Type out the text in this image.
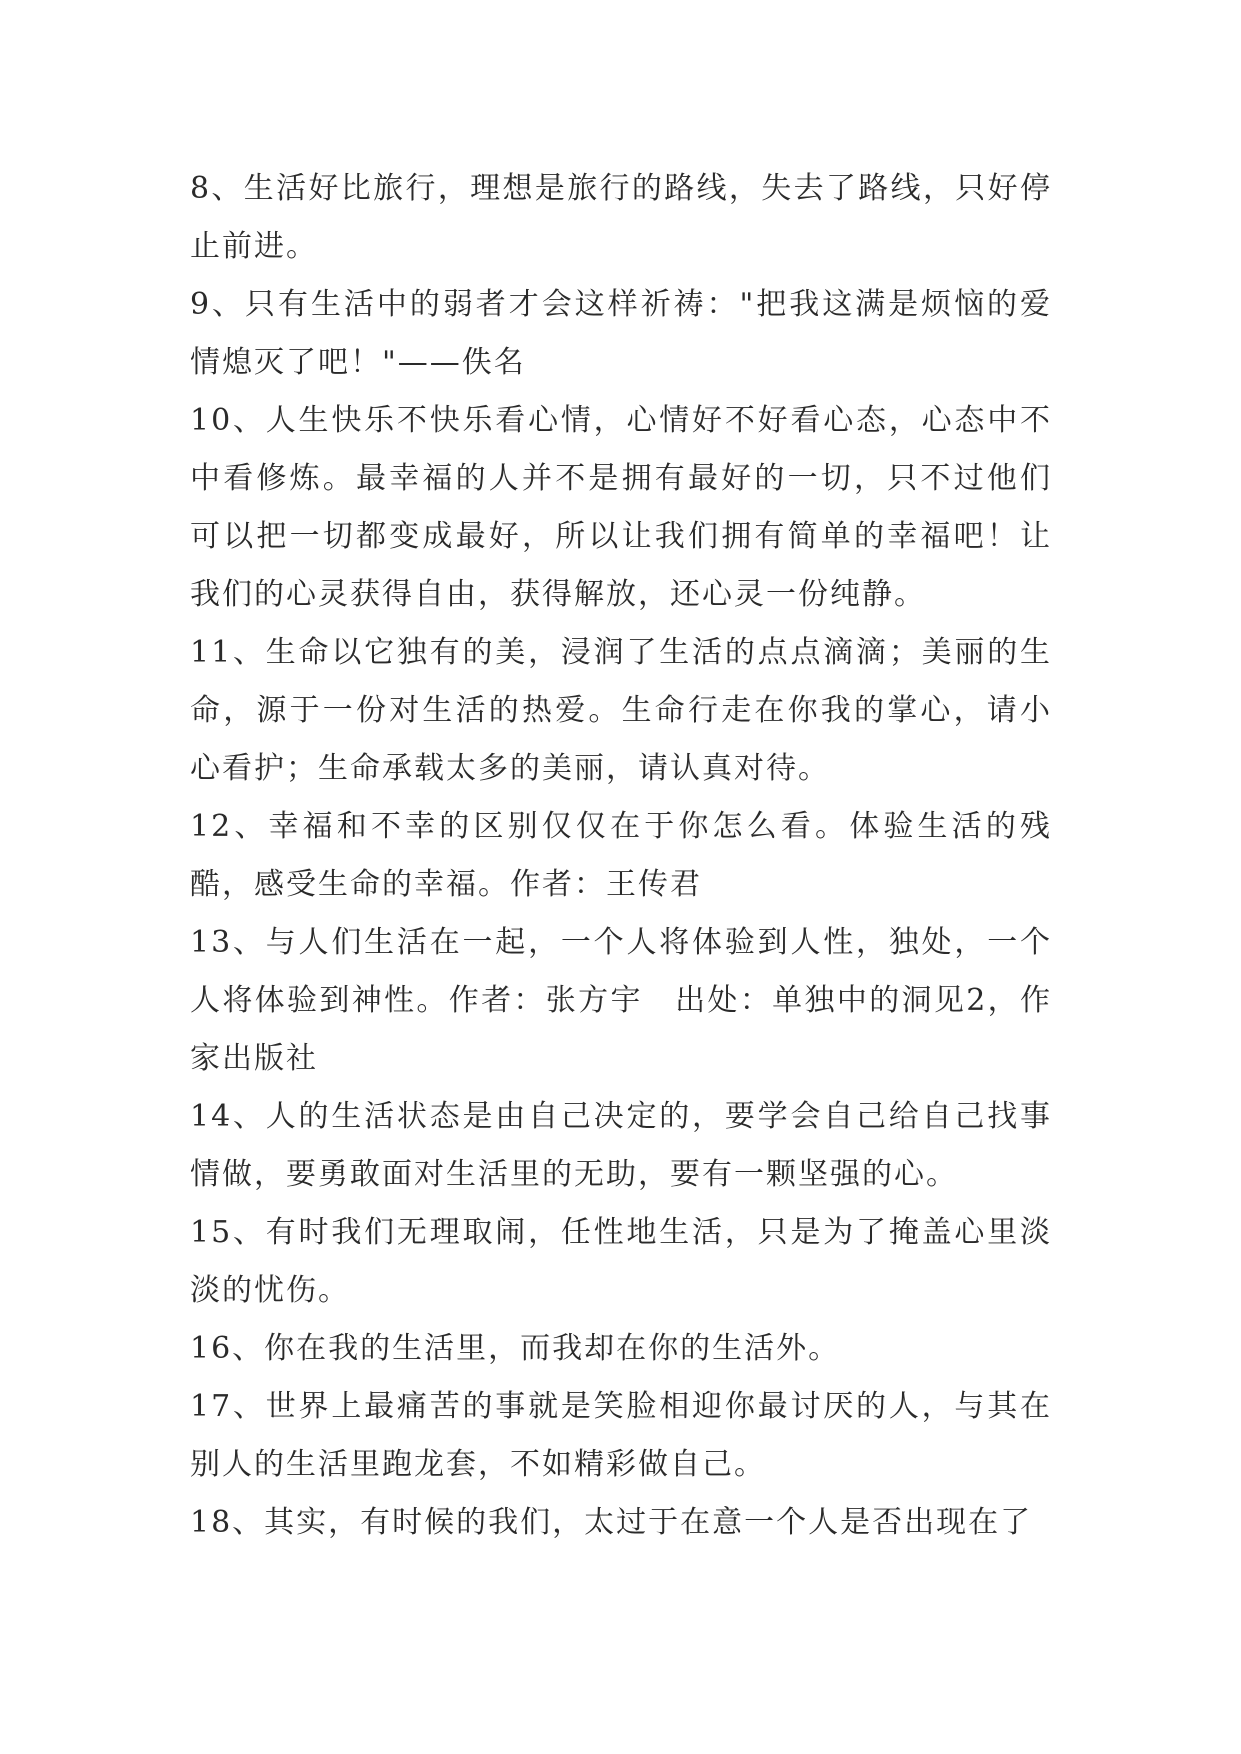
8、生活好比旅行，理想是旅行的路线，失去了路线，只好停止前进。

9、只有生活中的弱者才会这样祈祷："把我这满是烦恼的爱情熄灭了吧！"——佚名

10、人生快乐不快乐看心情，心情好不好看心态，心态中不中看修炼。最幸福的人并不是拥有最好的一切，只不过他们可以把一切都变成最好，所以让我们拥有简单的幸福吧！让我们的心灵获得自由，获得解放，还心灵一份纯静。

11、生命以它独有的美，浸润了生活的点点滴滴；美丽的生命，源于一份对生活的热爱。生命行走在你我的掌心，请小心看护；生命承载太多的美丽，请认真对待。

12、幸福和不幸的区别仅仅在于你怎么看。体验生活的残酷，感受生命的幸福。作者：王传君

13、与人们生活在一起，一个人将体验到人性，独处，一个人将体验到神性。作者：张方宇　出处：单独中的洞见2，作家出版社

14、人的生活状态是由自己决定的，要学会自己给自己找事情做，要勇敢面对生活里的无助，要有一颗坚强的心。

15、有时我们无理取闹，任性地生活，只是为了掩盖心里淡淡的忧伤。

16、你在我的生活里，而我却在你的生活外。

17、世界上最痛苦的事就是笑脸相迎你最讨厌的人，与其在别人的生活里跑龙套，不如精彩做自己。

18、其实，有时候的我们，太过于在意一个人是否出现在了
